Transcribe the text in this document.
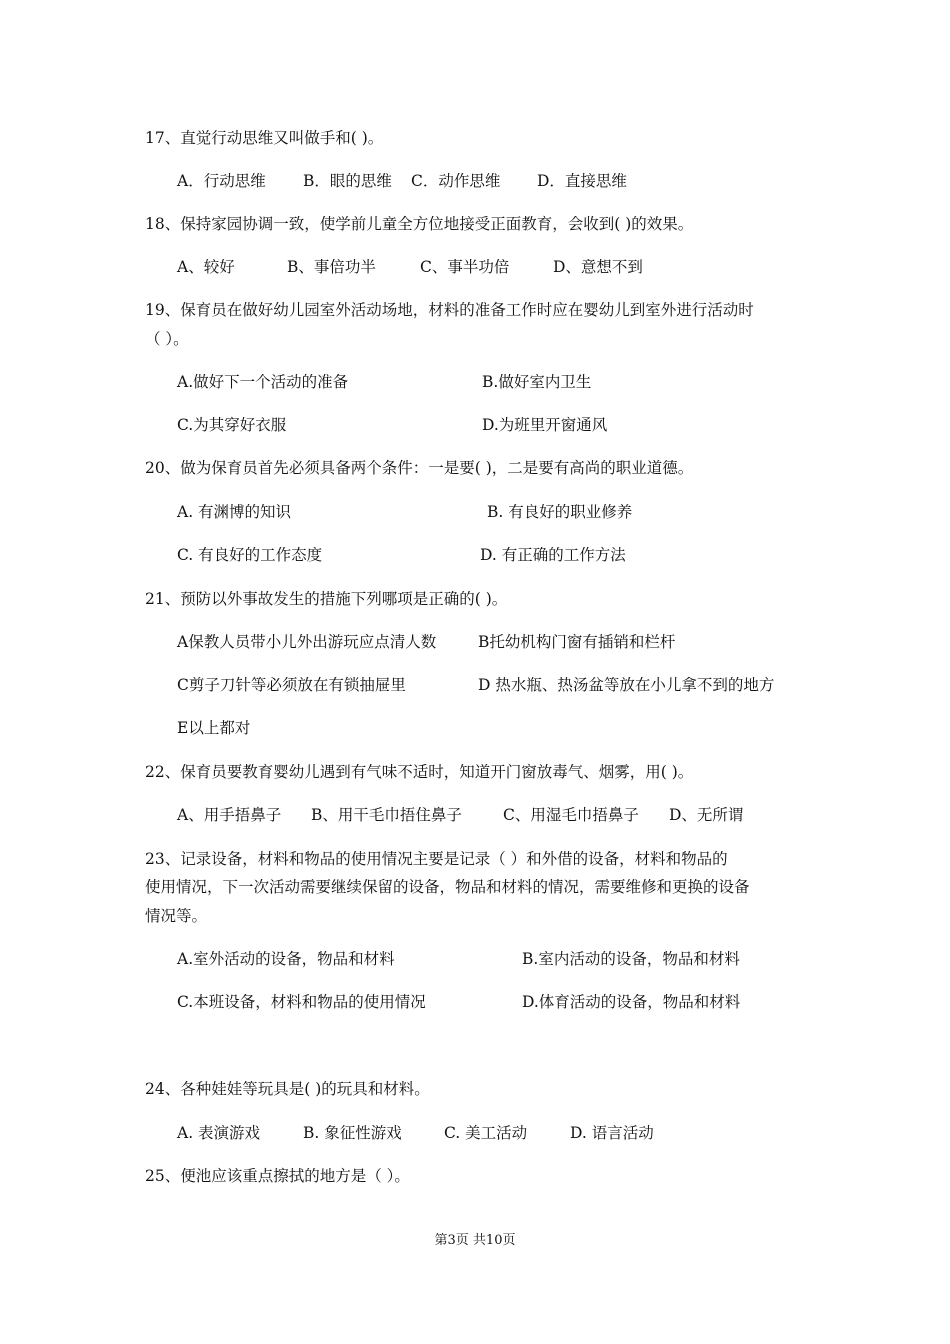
17、直觉行动思维又叫做手和( )。
A．行动思维 B．眼的思维 C．动作思维 D．直接思维
18、保持家园协调一致，使学前儿童全方位地接受正面教育，会收到( )的效果。
A、较好	B、事倍功半	C、事半功倍	D、意想不到
19、保育员在做好幼儿园室外活动场地，材料的准备工作时应在婴幼儿到室外进行活动时
（ ）。
A.做好下一个活动的准备	B.做好室内卫生
C.为其穿好衣服	D.为班里开窗通风
20、做为保育员首先必须具备两个条件：一是要( )，二是要有高尚的职业道德。
A. 有渊博的知识	B. 有良好的职业修养
C. 有良好的工作态度	D. 有正确的工作方法
21、预防以外事故发生的措施下列哪项是正确的( )。
A保教人员带小儿外出游玩应点清人数	B托幼机构门窗有插销和栏杆
C剪子刀针等必须放在有锁抽屉里	D 热水瓶、热汤盆等放在小儿拿不到的地方
E以上都对
22、保育员要教育婴幼儿遇到有气味不适时，知道开门窗放毒气、烟雾，用( )。
A、用手捂鼻子 B、用干毛巾捂住鼻子	C、用湿毛巾捂鼻子 D、无所谓
23、记录设备，材料和物品的使用情况主要是记录（ ）和外借的设备，材料和物品的
使用情况，下一次活动需要继续保留的设备，物品和材料的情况，需要维修和更换的设备
情况等。
A.室外活动的设备，物品和材料	B.室内活动的设备，物品和材料
C.本班设备，材料和物品的使用情况	D.体育活动的设备，物品和材料
24、各种娃娃等玩具是( )的玩具和材料。
A. 表演游戏	B. 象征性游戏	C. 美工活动	D. 语言活动
25、便池应该重点擦拭的地方是（ ）。
第3页 共10页
